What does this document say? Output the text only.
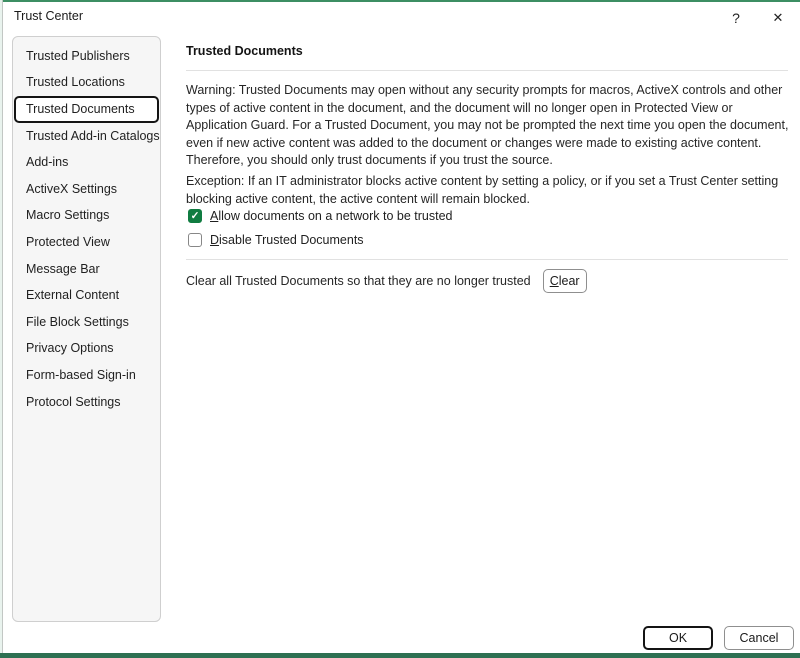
Trust Center	?	✕
Trusted Publishers
Trusted Locations
Trusted Documents
Trusted Add-in Catalogs
Add-ins
ActiveX Settings
Macro Settings
Protected View
Message Bar
External Content
File Block Settings
Privacy Options
Form-based Sign-in
Protocol Settings
Trusted Documents
Warning: Trusted Documents may open without any security prompts for macros, ActiveX controls and other types of active content in the document, and the document will no longer open in Protected View or Application Guard. For a Trusted Document, you may not be prompted the next time you open the document, even if new active content was added to the document or changes were made to existing active content. Therefore, you should only trust documents if you trust the source.
Exception: If an IT administrator blocks active content by setting a policy, or if you set a Trust Center setting blocking active content, the active content will remain blocked.
✓ Allow documents on a network to be trusted
Disable Trusted Documents
Clear all Trusted Documents so that they are no longer trusted Clear
OK	Cancel
